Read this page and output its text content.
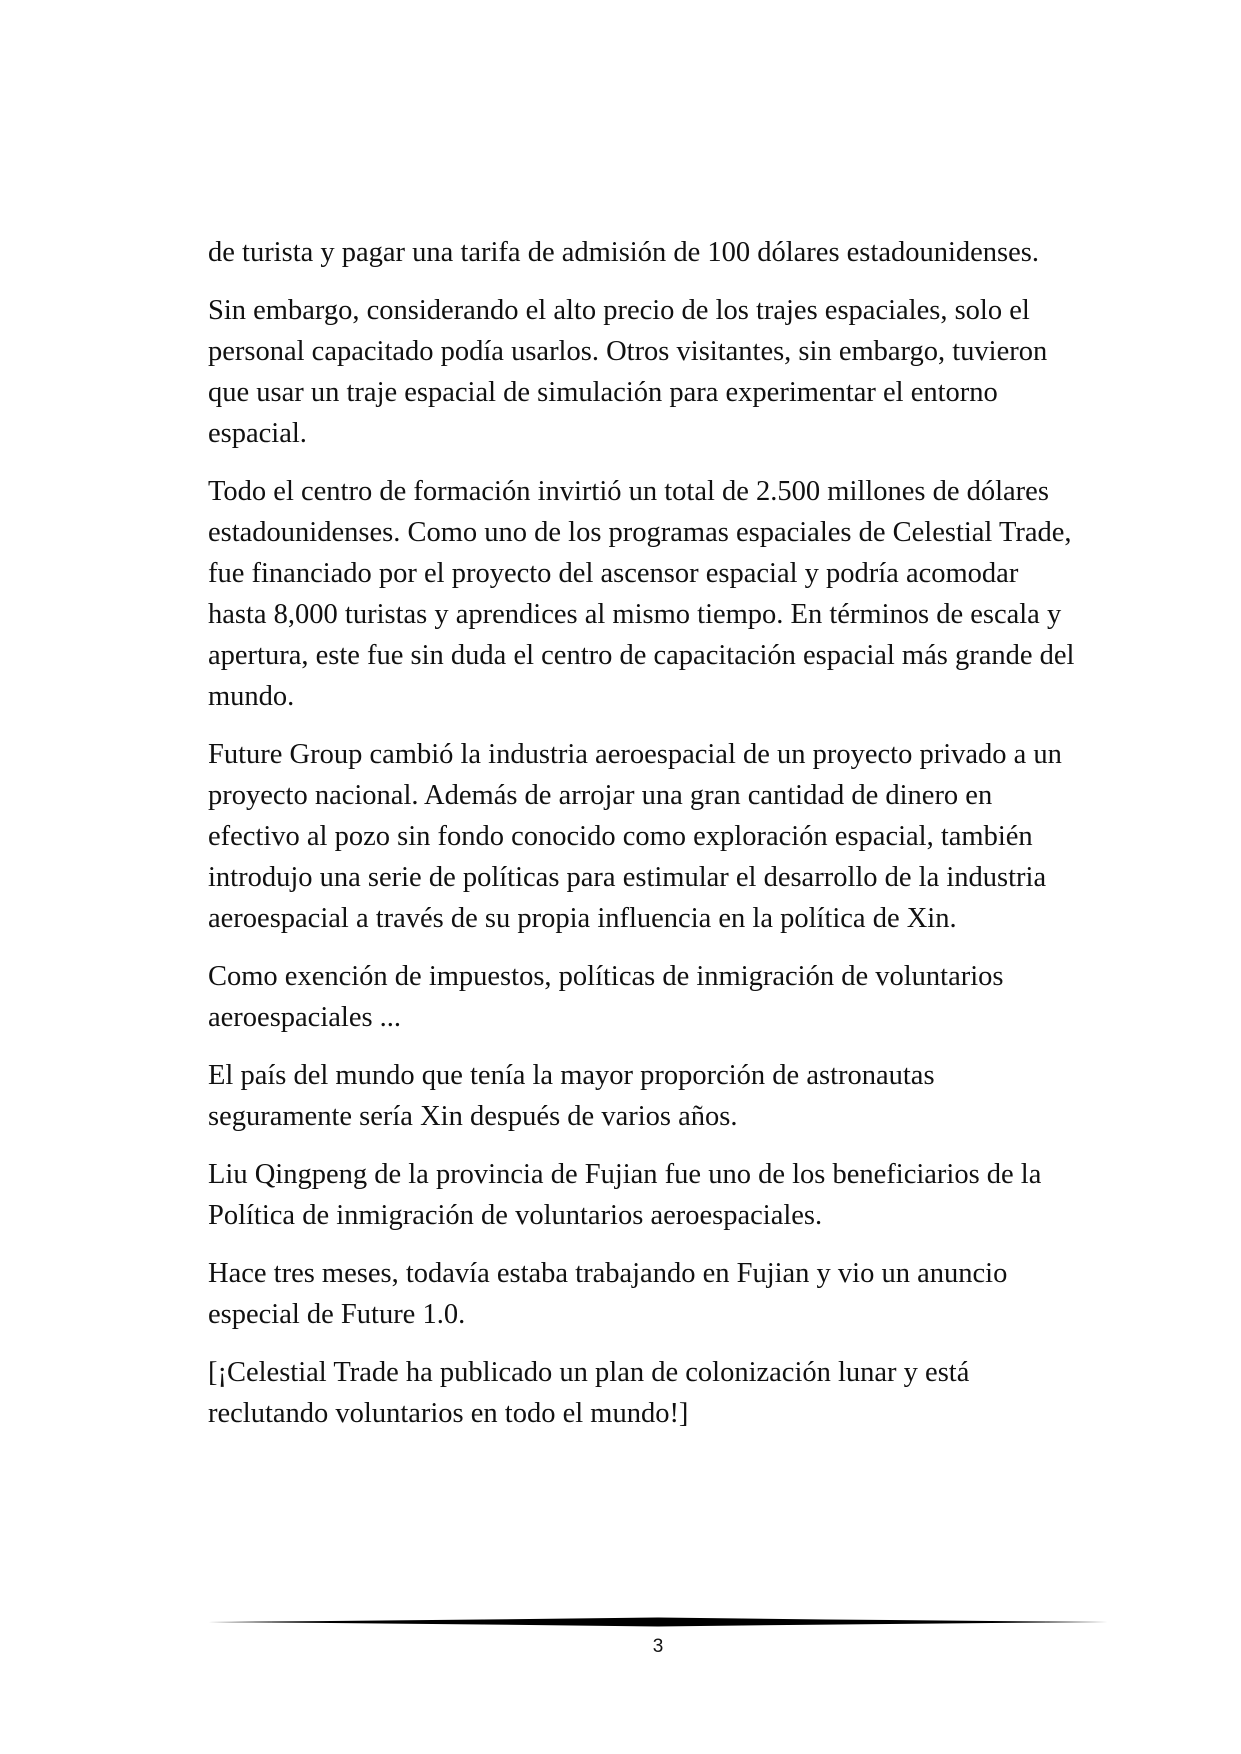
de turista y pagar una tarifa de admisión de 100 dólares estadounidenses.

Sin embargo, considerando el alto precio de los trajes espaciales, solo el personal capacitado podía usarlos. Otros visitantes, sin embargo, tuvieron que usar un traje espacial de simulación para experimentar el entorno espacial.

Todo el centro de formación invirtió un total de 2.500 millones de dólares estadounidenses. Como uno de los programas espaciales de Celestial Trade, fue financiado por el proyecto del ascensor espacial y podría acomodar hasta 8,000 turistas y aprendices al mismo tiempo. En términos de escala y apertura, este fue sin duda el centro de capacitación espacial más grande del mundo.

Future Group cambió la industria aeroespacial de un proyecto privado a un proyecto nacional. Además de arrojar una gran cantidad de dinero en efectivo al pozo sin fondo conocido como exploración espacial, también introdujo una serie de políticas para estimular el desarrollo de la industria aeroespacial a través de su propia influencia en la política de Xin.

Como exención de impuestos, políticas de inmigración de voluntarios aeroespaciales ...

El país del mundo que tenía la mayor proporción de astronautas seguramente sería Xin después de varios años.

Liu Qingpeng de la provincia de Fujian fue uno de los beneficiarios de la Política de inmigración de voluntarios aeroespaciales.

Hace tres meses, todavía estaba trabajando en Fujian y vio un anuncio especial de Future 1.0.

[¡Celestial Trade ha publicado un plan de colonización lunar y está reclutando voluntarios en todo el mundo!]

3
